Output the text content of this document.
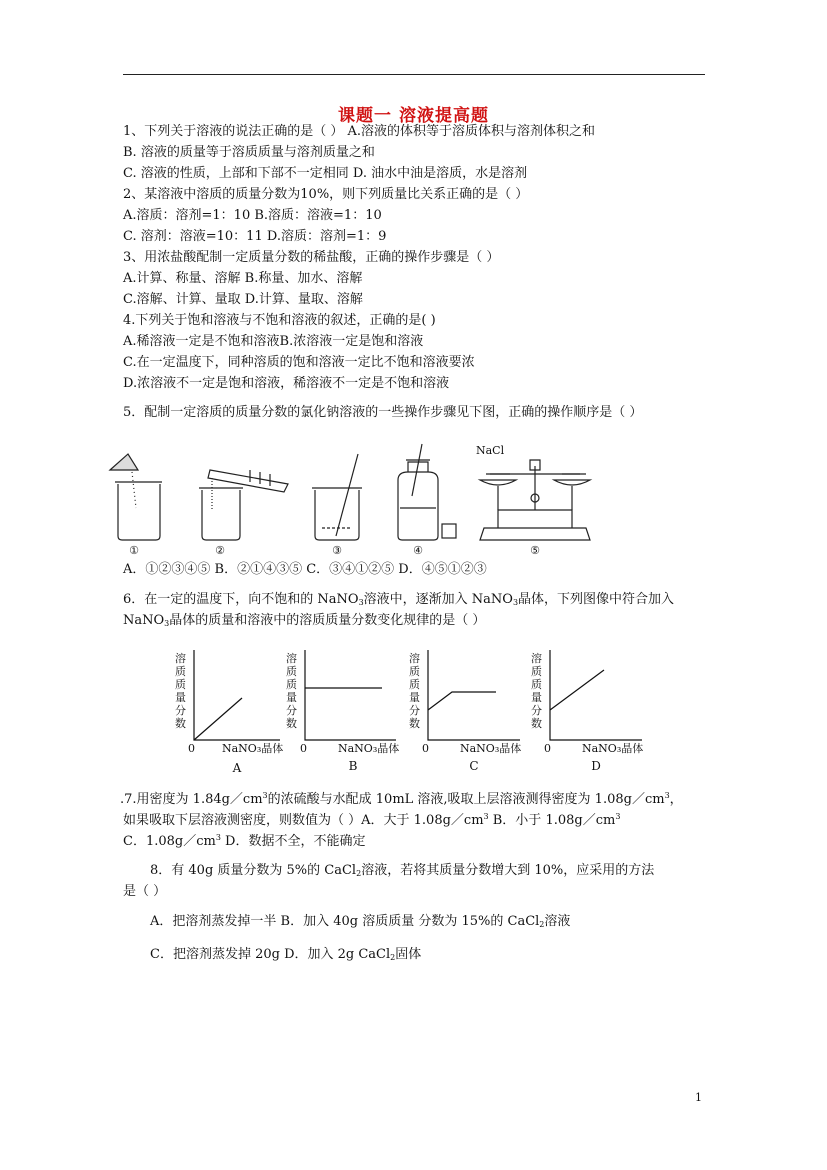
课题一 溶液提高题
1、下列关于溶液的说法正确的是（ ） A.溶液的体积等于溶质体积与溶剂体积之和
B. 溶液的质量等于溶质质量与溶剂质量之和
C. 溶液的性质，上部和下部不一定相同 D. 油水中油是溶质，水是溶剂
2、某溶液中溶质的质量分数为10%，则下列质量比关系正确的是（ ）
A.溶质：溶剂=1：10 B.溶质：溶液=1：10
C. 溶剂：溶液=10：11 D.溶质：溶剂=1：9
3、用浓盐酸配制一定质量分数的稀盐酸，正确的操作步骤是（ ）
A.计算、称量、溶解 B.称量、加水、溶解
C.溶解、计算、量取 D.计算、量取、溶解
4.下列关于饱和溶液与不饱和溶液的叙述，正确的是( )
A.稀溶液一定是不饱和溶液B.浓溶液一定是饱和溶液
C.在一定温度下，同种溶质的饱和溶液一定比不饱和溶液要浓
D.浓溶液不一定是饱和溶液，稀溶液不一定是不饱和溶液
5．配制一定溶质的质量分数的氯化钠溶液的一些操作步骤见下图，正确的操作顺序是（ ）
NaCl
①	②	③	④	⑤
A．①②③④⑤ B．②①④③⑤ C．③④①②⑤ D．④⑤①②③
6．在一定的温度下，向不饱和的 NaNO$_3$溶液中，逐渐加入 NaNO$_3$晶体，下列图像中符合加入
NaNO$_3$晶体的质量和溶液中的溶质质量分数变化规律的是（ ）
溶
质
质
量
分
数
0 NaNO₃晶体
溶
质
质
量
分
数
0	NaNO₃晶体
溶
质
质
量
分
数
0	NaNO₃晶体
溶
质
质
量
分
数
0	NaNO₃晶体
A	B	C	D
.7.用密度为 $1.84g/cm^3$的浓硫酸与水配成 10mL 溶液,吸取上层溶液测得密度为 $1.08g/cm^3$，
如果吸取下层溶液测密度，则数值为（ ）A．大于 $1.08g/cm^3$ B．小于 $1.08g/cm^3$
C．$1.08g/cm^3$ D．数据不全，不能确定
8．有 40g 质量分数为 5%的 CaCl$_2$溶液，若将其质量分数增大到 10%，应采用的方法
是（ ）
A．把溶剂蒸发掉一半 B．加入 40g 溶质质量 分数为 15%的 CaCl$_2$溶液
C．把溶剂蒸发掉 20g D．加入 2g CaCl$_2$固体
1
